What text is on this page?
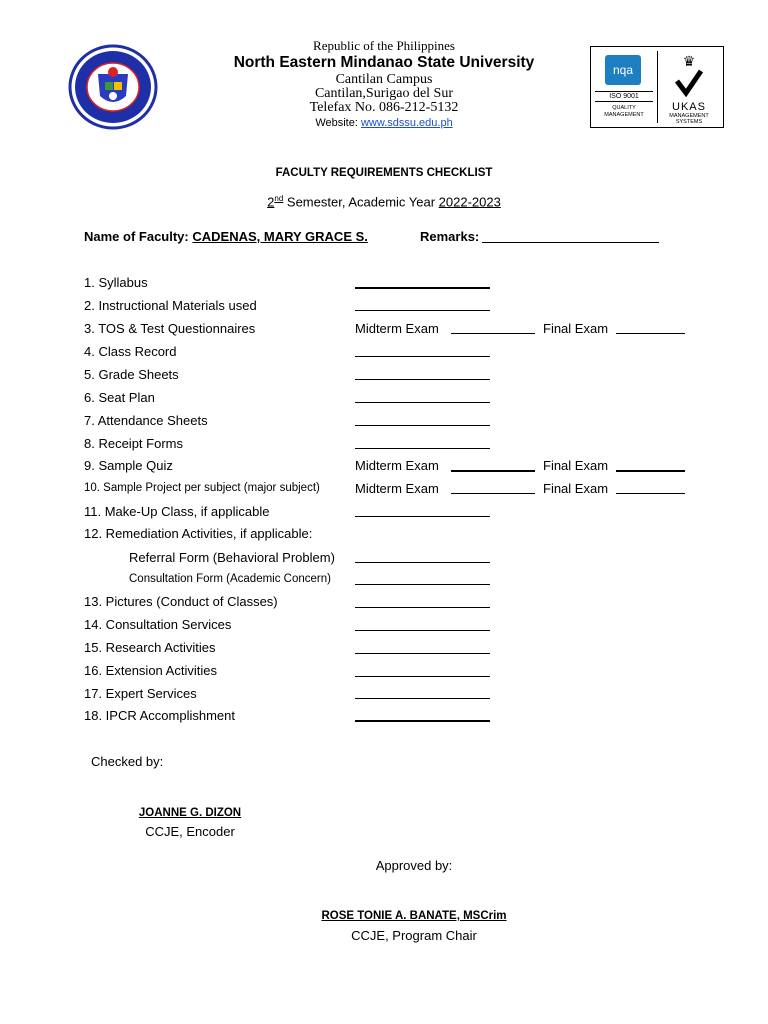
Republic of the Philippines
North Eastern Mindanao State University
Cantilan Campus
Cantilan,Surigao del Sur
Telefax No. 086-212-5132
Website: www.sdssu.edu.ph
nqa
ISO 9001
QUALITY MANAGEMENT
♛
UKAS
MANAGEMENT SYSTEMS
FACULTY REQUIREMENTS CHECKLIST
2nd Semester, Academic Year 2022-2023
Name of Faculty: CADENAS, MARY GRACE S.	Remarks:
1. Syllabus
2. Instructional Materials used
3. TOS & Test Questionnaires	Midterm Exam	Final Exam
4. Class Record
5. Grade Sheets
6. Seat Plan
7. Attendance Sheets
8. Receipt Forms
9. Sample Quiz	Midterm Exam	Final Exam
10. Sample Project per subject (major subject)	Midterm Exam	Final Exam
11. Make-Up Class, if applicable
12. Remediation Activities, if applicable:
Referral Form (Behavioral Problem)
Consultation Form (Academic Concern)
13. Pictures (Conduct of Classes)
14. Consultation Services
15. Research Activities
16. Extension Activities
17. Expert Services
18. IPCR Accomplishment
Checked by:
JOANNE G. DIZON
CCJE, Encoder
Approved by:
ROSE TONIE A. BANATE, MSCrim
CCJE, Program Chair
